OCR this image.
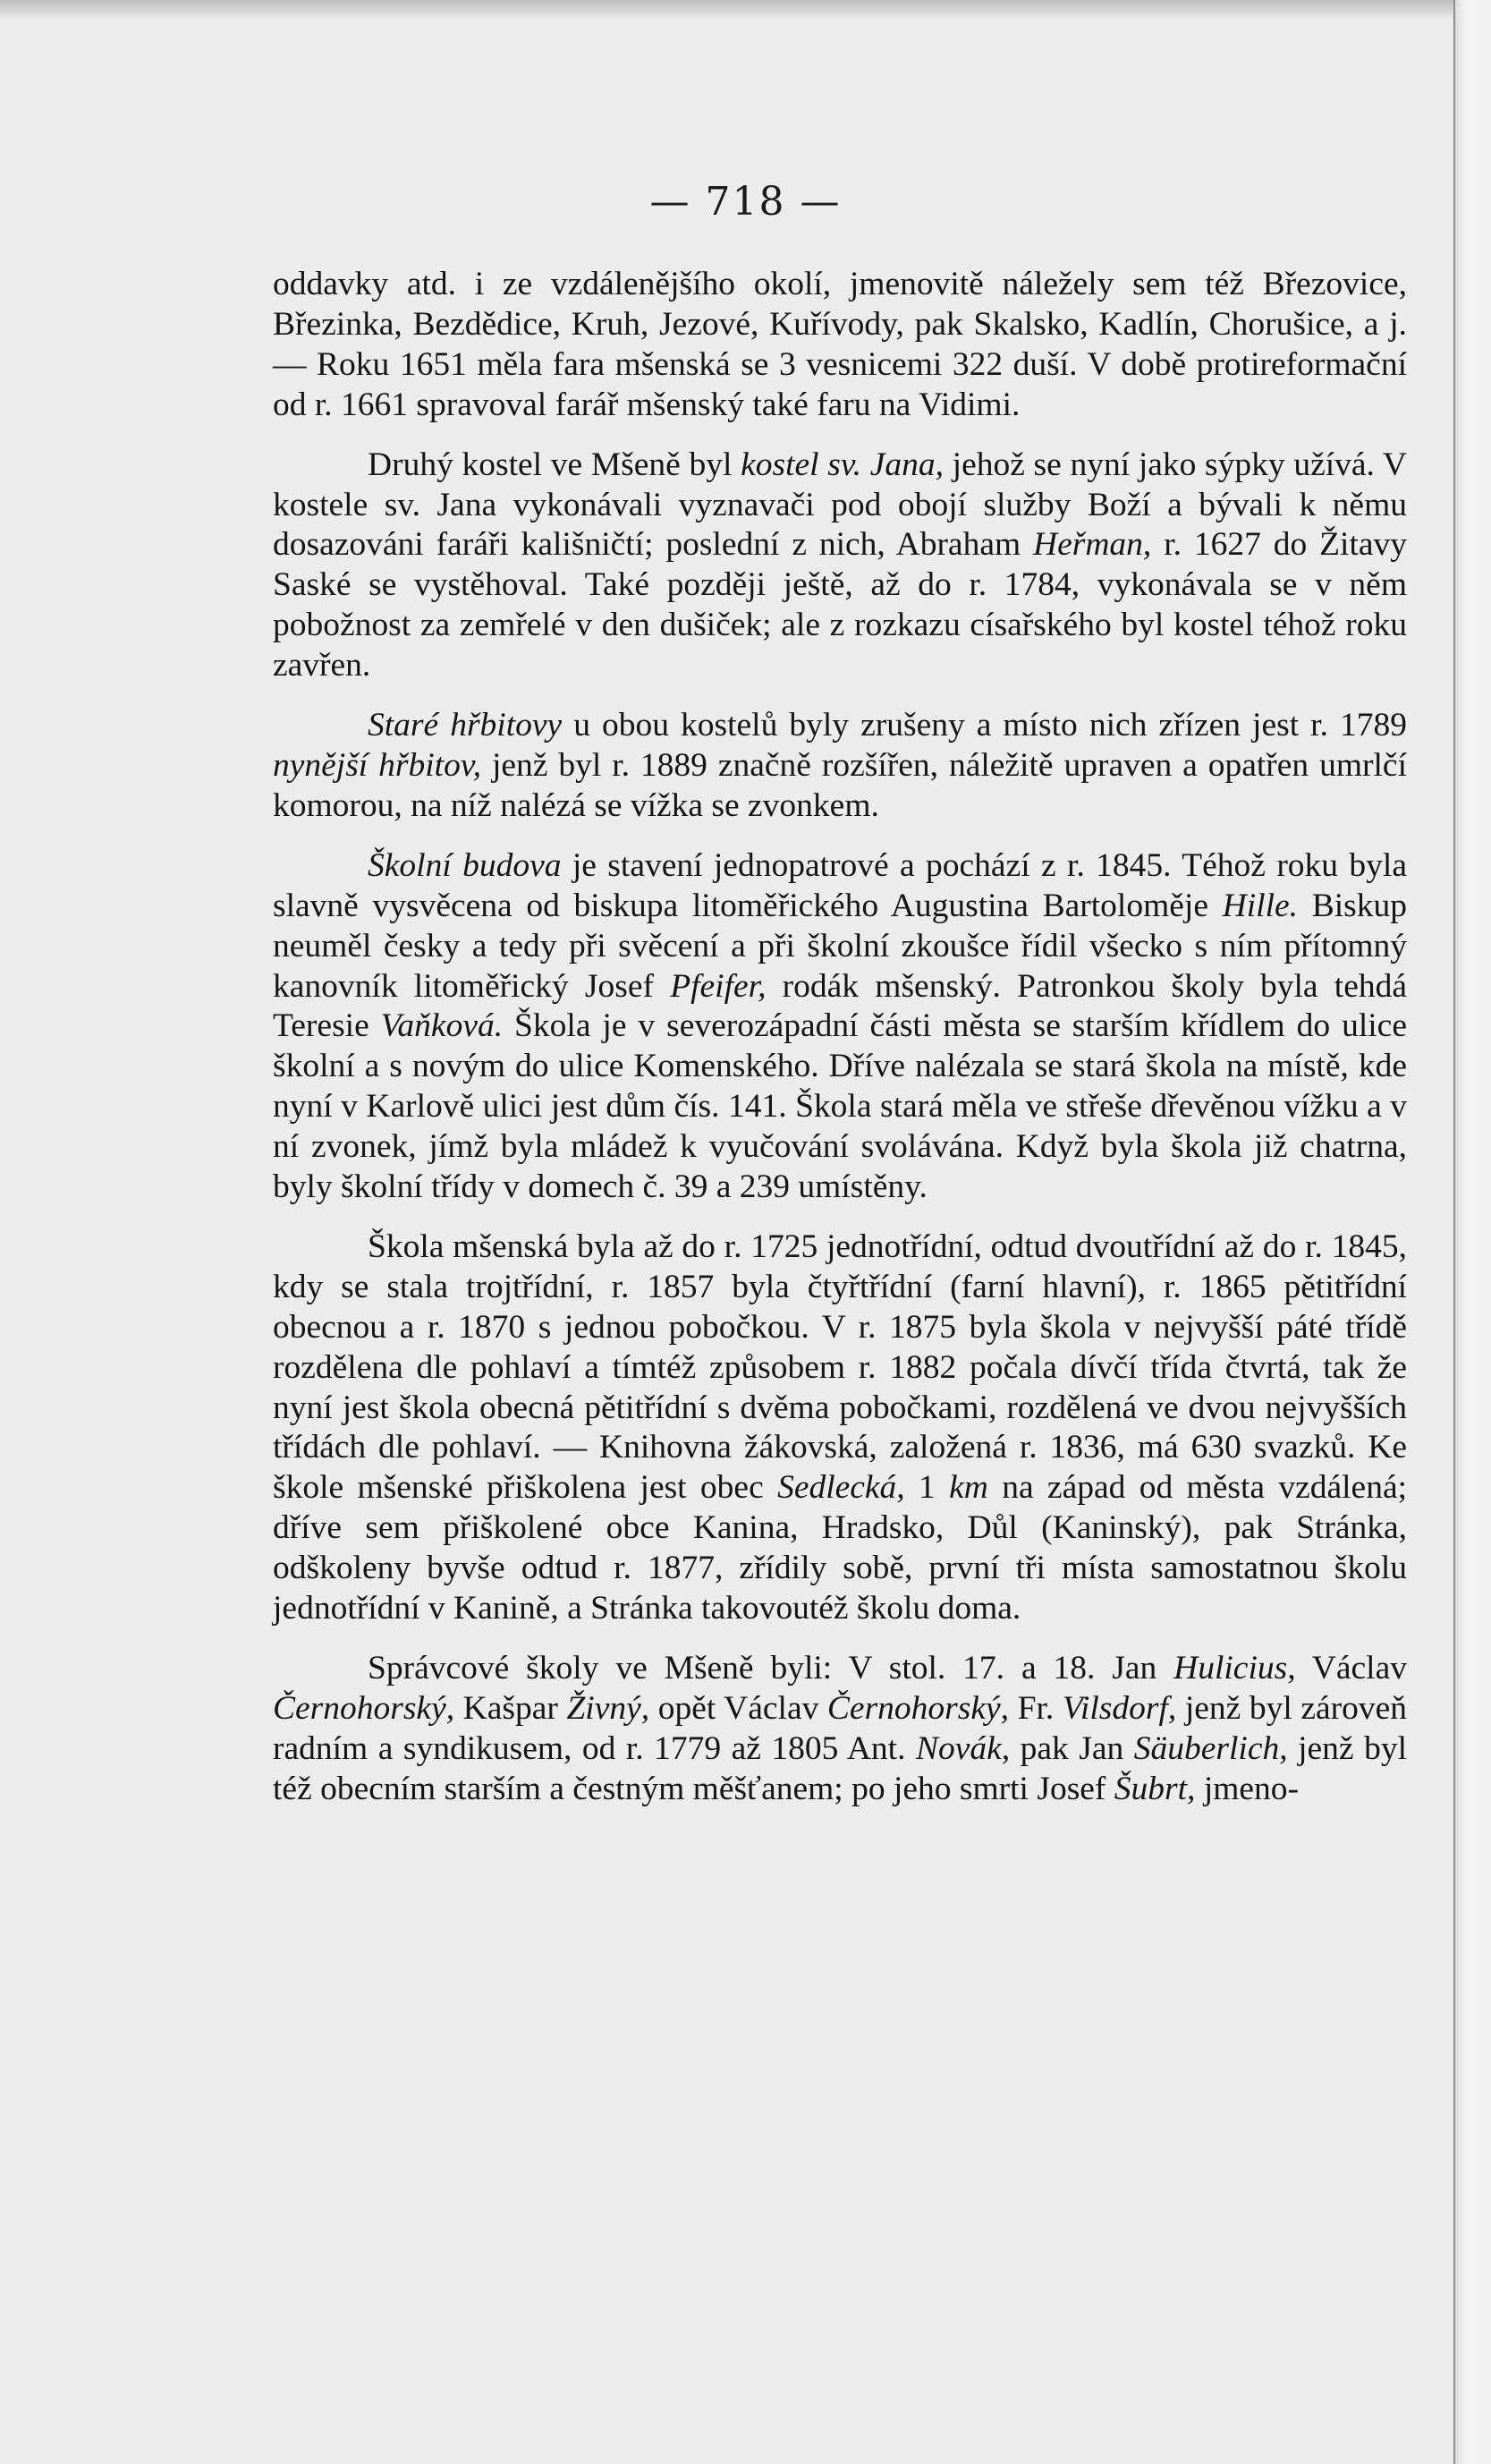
— 718 —

oddavky atd. i ze vzdálenějšího okolí, jmenovitě náležely sem též Březovice, Březinka, Bezdědice, Kruh, Jezové, Kuřívody, pak Skalsko, Kadlín, Chorušice, a j. — Roku 1651 měla fara mšenská se 3 vesnicemi 322 duší. V době protireformační od r. 1661 spravoval farář mšenský také faru na Vidimi.

Druhý kostel ve Mšeně byl kostel sv. Jana, jehož se nyní jako sýpky užívá. V kostele sv. Jana vykonávali vyznavači pod obojí služby Boží a bývali k němu dosazováni faráři kališničtí; poslední z nich, Abraham Heřman, r. 1627 do Žitavy Saské se vystěhoval. Také později ještě, až do r. 1784, vykonávala se v něm pobožnost za zemřelé v den dušiček; ale z rozkazu císařského byl kostel téhož roku zavřen.

Staré hřbitovy u obou kostelů byly zrušeny a místo nich zřízen jest r. 1789 nynější hřbitov, jenž byl r. 1889 značně rozšířen, náležitě upraven a opatřen umrlčí komorou, na níž nalézá se vížka se zvonkem.

Školní budova je stavení jednopatrové a pochází z r. 1845. Téhož roku byla slavně vysvěcena od biskupa litoměřického Augustina Bartoloměje Hille. Biskup neuměl česky a tedy při svěcení a při školní zkoušce řídil všecko s ním přítomný kanovník litoměřický Josef Pfeifer, rodák mšenský. Patronkou školy byla tehdá Teresie Vaňková. Škola je v severozápadní části města se starším křídlem do ulice školní a s novým do ulice Komenského. Dříve nalézala se stará škola na místě, kde nyní v Karlově ulici jest dům čís. 141. Škola stará měla ve střeše dřevěnou vížku a v ní zvonek, jímž byla mládež k vyučování svolávána. Když byla škola již chatrna, byly školní třídy v domech č. 39 a 239 umístěny.

Škola mšenská byla až do r. 1725 jednotřídní, odtud dvoutřídní až do r. 1845, kdy se stala trojtřídní, r. 1857 byla čtyřtřídní (farní hlavní), r. 1865 pětitřídní obecnou a r. 1870 s jednou pobočkou. V r. 1875 byla škola v nejvyšší páté třídě rozdělena dle pohlaví a tímtéž způsobem r. 1882 počala dívčí třída čtvrtá, tak že nyní jest škola obecná pětitřídní s dvěma pobočkami, rozdělená ve dvou nejvyšších třídách dle pohlaví. — Knihovna žákovská, založená r. 1836, má 630 svazků. Ke škole mšenské přiškolena jest obec Sedlecká, 1 km na západ od města vzdálená; dříve sem přiškolené obce Kanina, Hradsko, Důl (Kaninský), pak Stránka, odškoleny byvše odtud r. 1877, zřídily sobě, první tři místa samostatnou školu jednotřídní v Kanině, a Stránka takovoutéž školu doma.

Správcové školy ve Mšeně byli: V stol. 17. a 18. Jan Hulicius, Václav Černohorský, Kašpar Živný, opět Václav Černohorský, Fr. Vilsdorf, jenž byl zároveň radním a syndikusem, od r. 1779 až 1805 Ant. Novák, pak Jan Säuberlich, jenž byl též obecním starším a čestným měšťanem; po jeho smrti Josef Šubrt, jmeno-
